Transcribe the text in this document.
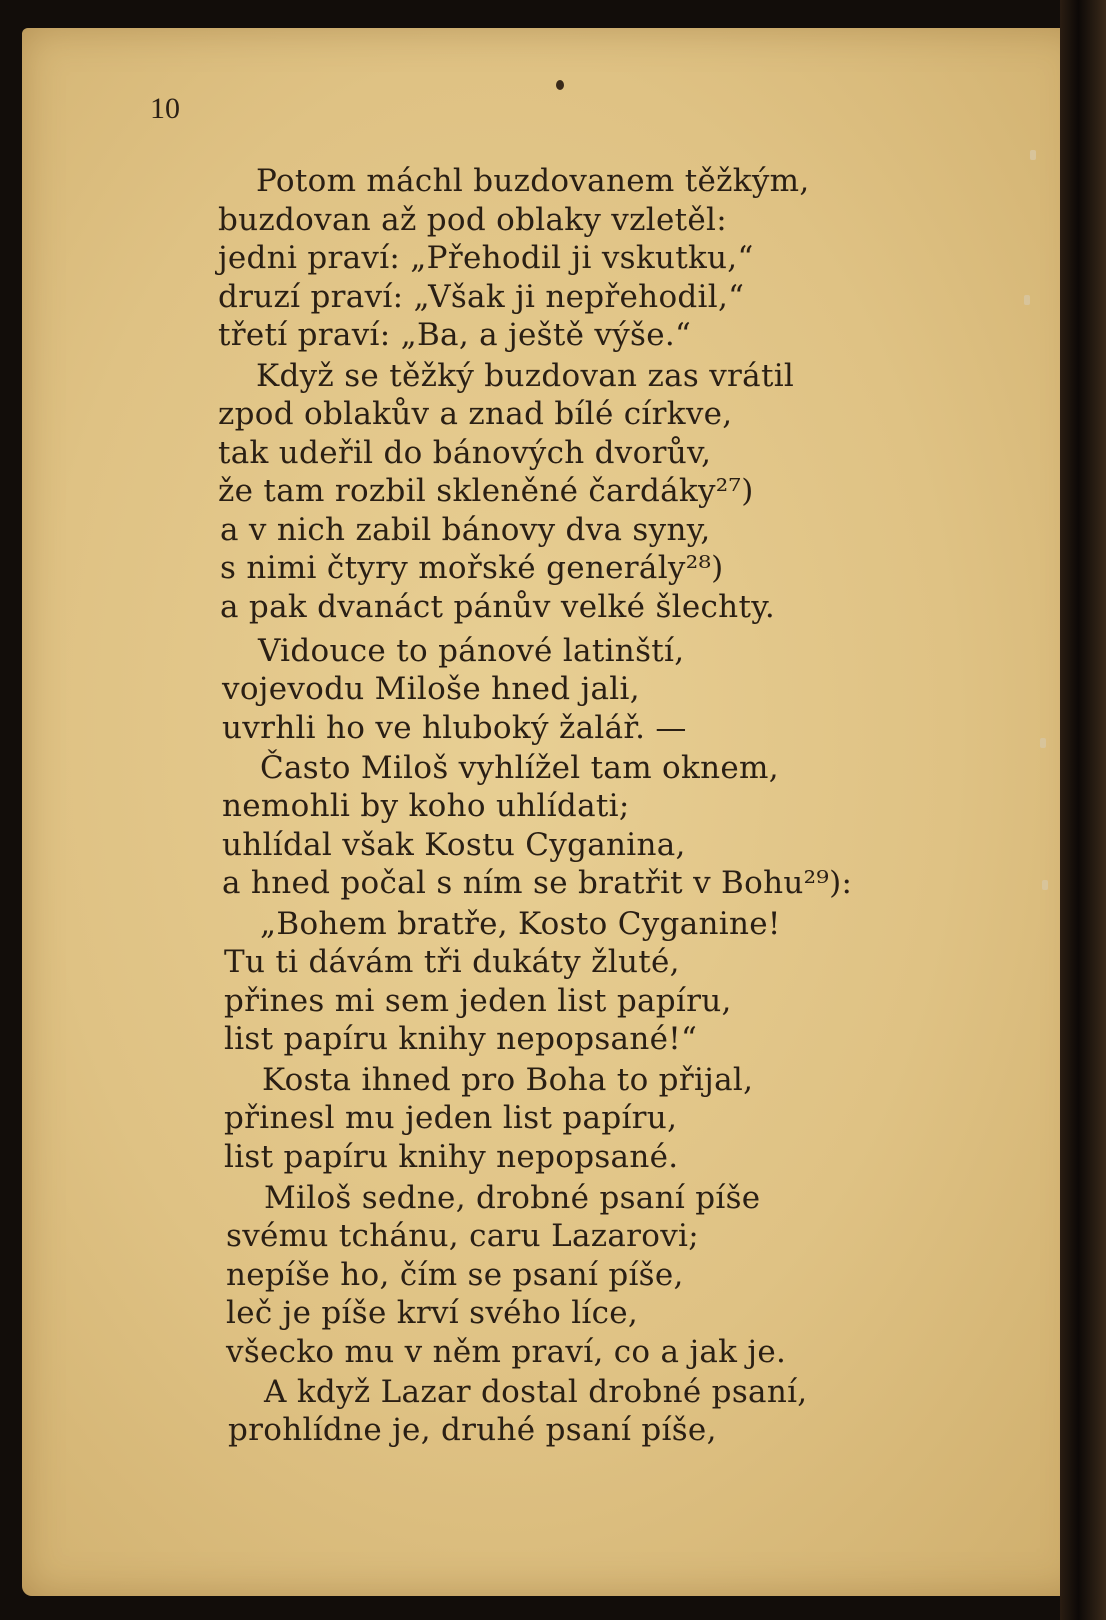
10
Potom máchl buzdovanem těžkým,
buzdovan až pod oblaky vzletěl:
jedni praví: „Přehodil ji vskutku,“
druzí praví: „Však ji nepřehodil,“
třetí praví: „Ba, a ještě výše.“
Když se těžký buzdovan zas vrátil
zpod oblakův a znad bílé církve,
tak udeřil do bánových dvorův,
že tam rozbil skleněné čardáky²⁷)
a v nich zabil bánovy dva syny,
s nimi čtyry mořské generály²⁸)
a pak dvanáct pánův velké šlechty.
Vidouce to pánové latinští,
vojevodu Miloše hned jali,
uvrhli ho ve hluboký žalář. —
Často Miloš vyhlížel tam oknem,
nemohli by koho uhlídati;
uhlídal však Kostu Cyganina,
a hned počal s ním se bratřit v Bohu²⁹):
„Bohem bratře, Kosto Cyganine!
Tu ti dávám tři dukáty žluté,
přines mi sem jeden list papíru,
list papíru knihy nepopsané!“
Kosta ihned pro Boha to přijal,
přinesl mu jeden list papíru,
list papíru knihy nepopsané.
Miloš sedne, drobné psaní píše
svému tchánu, caru Lazarovi;
nepíše ho, čím se psaní píše,
leč je píše krví svého líce,
všecko mu v něm praví, co a jak je.
A když Lazar dostal drobné psaní,
prohlídne je, druhé psaní píše,
